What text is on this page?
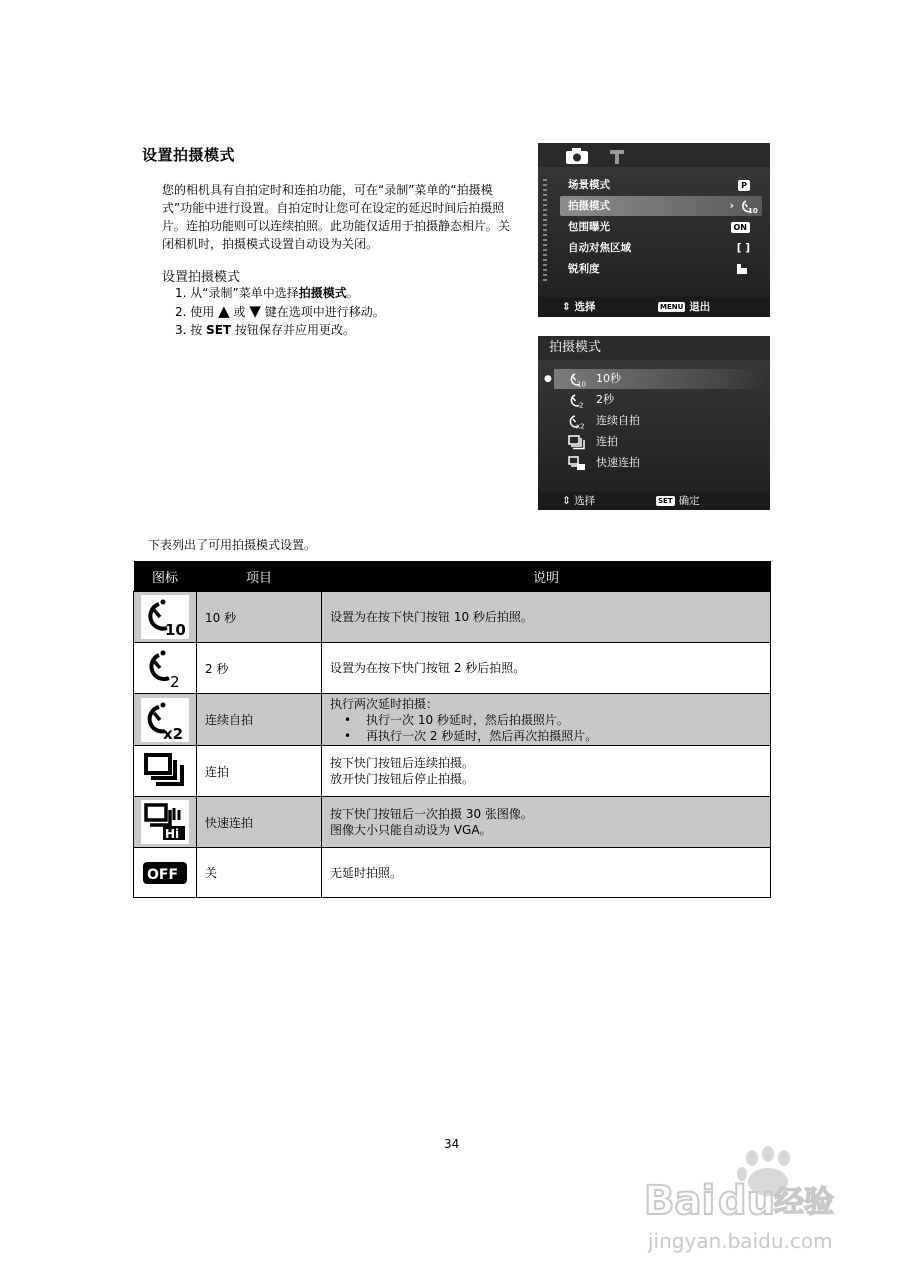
设置拍摄模式
您的相机具有自拍定时和连拍功能，可在“录制”菜单的“拍摄模式”功能中进行设置。自拍定时让您可在设定的延迟时间后拍摄照片。连拍功能则可以连续拍照。此功能仅适用于拍摄静态相片。关闭相机时，拍摄模式设置自动设为关闭。
设置拍摄模式
1. 从“录制”菜单中选择拍摄模式。
2. 使用 ▲ 或 ▼ 键在选项中进行移动。
3. 按 SET 按钮保存并应用更改。
场景模式	P
拍摄模式	› 10
包围曝光	ON
自动对焦区域	[ ]
锐利度
⇕ 选择	MENU 退出
拍摄模式
●
10 10秒
2 2秒
x2 连续自拍
连拍
快速连拍
⇕ 选择	SET 确定
下表列出了可用拍摄模式设置。
图标	项目	说明

10	10 秒	设置为在按下快门按钮 10 秒后拍照。

2	2 秒	设置为在按下快门按钮 2 秒后拍照。

x2	连续自拍	执行两次延时拍摄：
• 执行一次 10 秒延时，然后拍摄照片。
• 再执行一次 2 秒延时，然后再次拍摄照片。

	连拍	按下快门按钮后连续拍摄。
放开快门按钮后停止拍摄。

Hi	快速连拍	按下快门按钮后一次拍摄 30 张图像。
图像大小只能自动设为 VGA。

OFF	关	无延时拍照。
34
Bai du
经验
jingyan.baidu.com
